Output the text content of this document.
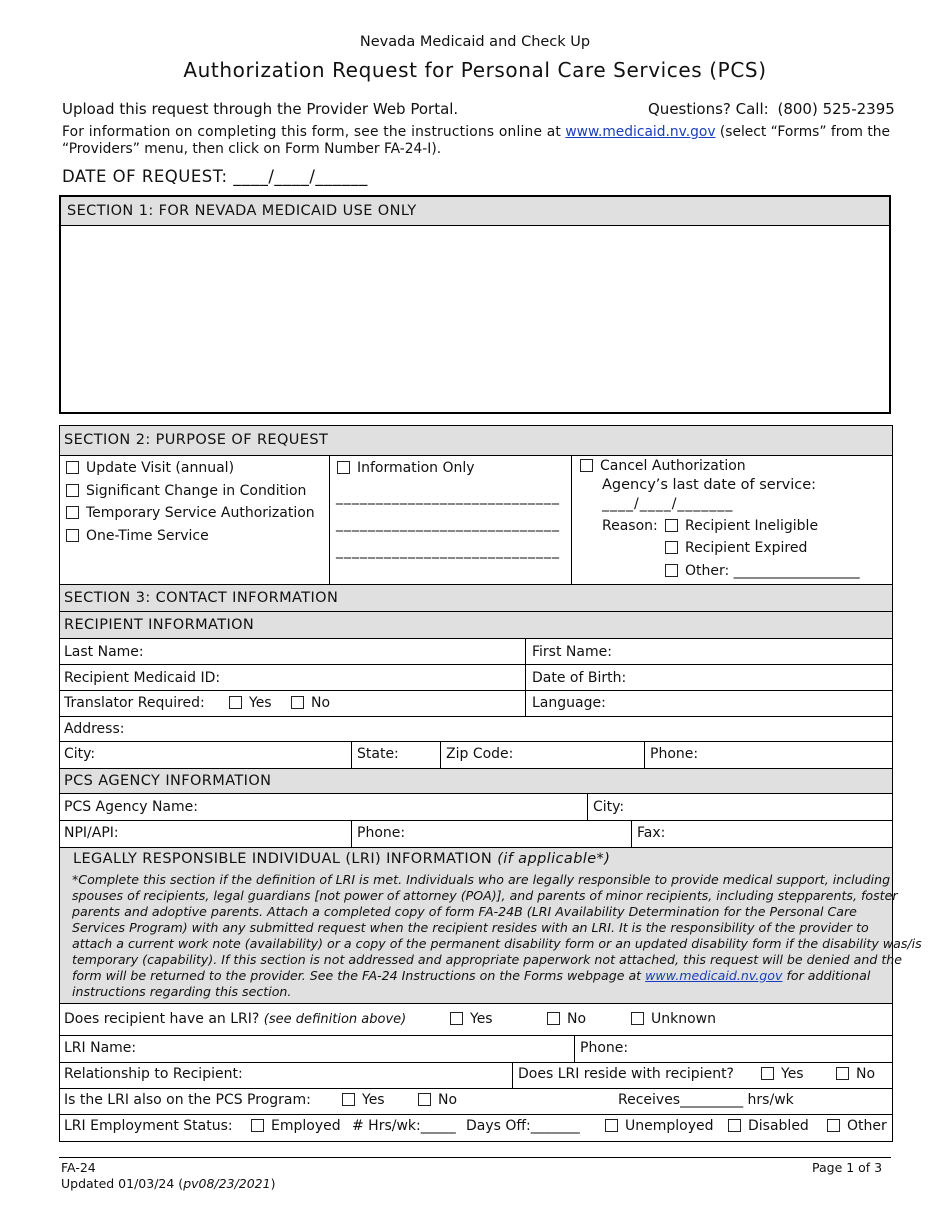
Nevada Medicaid and Check Up
Authorization Request for Personal Care Services (PCS)
Upload this request through the Provider Web Portal.	Questions? Call: (800) 525-2395
For information on completing this form, see the instructions online at www.medicaid.nv.gov (select “Forms” from the
“Providers” menu, then click on Form Number FA-24-I).
DATE OF REQUEST: ____/____/______
SECTION 1: FOR NEVADA MEDICAID USE ONLY
SECTION 2: PURPOSE OF REQUEST
Update Visit (annual)
Significant Change in Condition
Temporary Service Authorization
One-Time Service
Information Only
____________________________
____________________________
____________________________
Cancel Authorization
Agency’s last date of service:
____/____/_______
Reason:	Recipient Ineligible
Recipient Expired
Other: __________________
SECTION 3: CONTACT INFORMATION
RECIPIENT INFORMATION
Last Name:	First Name:
Recipient Medicaid ID:	Date of Birth:
Translator Required:	Yes	No	Language:
Address:
City:	State:	Zip Code:	Phone:
PCS AGENCY INFORMATION
PCS Agency Name:	City:
NPI/API:	Phone:	Fax:
LEGALLY RESPONSIBLE INDIVIDUAL (LRI) INFORMATION (if applicable*)
*Complete this section if the definition of LRI is met. Individuals who are legally responsible to provide medical support, including
spouses of recipients, legal guardians [not power of attorney (POA)], and parents of minor recipients, including stepparents, foster
parents and adoptive parents. Attach a completed copy of form FA-24B (LRI Availability Determination for the Personal Care
Services Program) with any submitted request when the recipient resides with an LRI. It is the responsibility of the provider to
attach a current work note (availability) or a copy of the permanent disability form or an updated disability form if the disability was/is
temporary (capability). If this section is not addressed and appropriate paperwork not attached, this request will be denied and the
form will be returned to the provider. See the FA-24 Instructions on the Forms webpage at www.medicaid.nv.gov for additional
instructions regarding this section.
Does recipient have an LRI? (see definition above)	Yes	No	Unknown
LRI Name:	Phone:
Relationship to Recipient:	Does LRI reside with recipient?	Yes	No
Is the LRI also on the PCS Program:	Yes	No	Receives_________ hrs/wk
LRI Employment Status:	Employed # Hrs/wk:_____ Days Off:_______	Unemployed	Disabled	Other
FA-24
Updated 01/03/24 (pv08/23/2021)
Page 1 of 3
